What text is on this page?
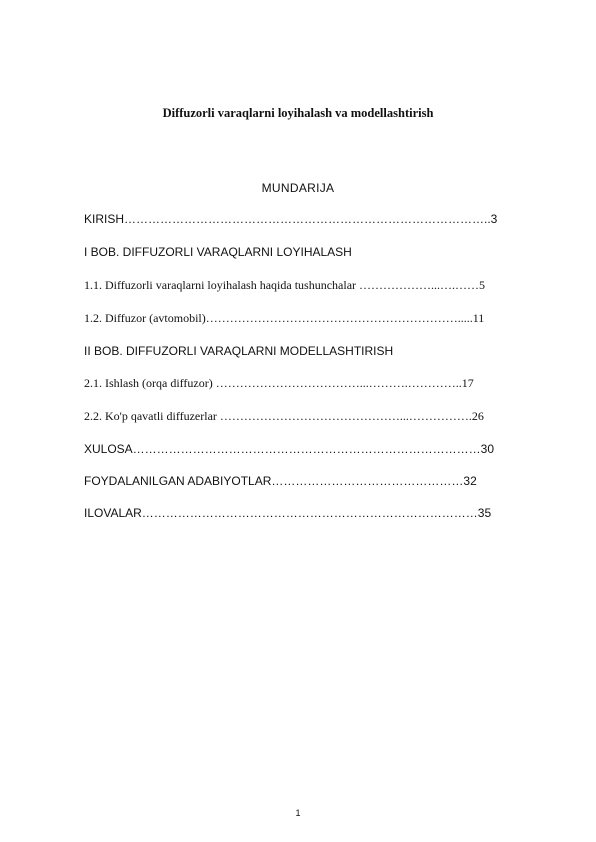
Diffuzorli varaqlarni loyihalash va modellashtirish
MUNDARIJA
KIRISH………………………………………………………………………………..3
I BOB. DIFFUZORLI VARAQLARNI LOYIHALASH
1.1. Diffuzorli varaqlarni loyihalash haqida tushunchalar ………………...….……5
1.2. Diffuzor (avtomobil)……………………………………………………….....11
II BOB. DIFFUZORLI VARAQLARNI MODELLASHTIRISH
2.1. Ishlash (orqa diffuzor) ………………………………...……….…………..17
2.2. Ko'p qavatli diffuzerlar ………………………………………...…………….26
XULOSA……………………………………………………………………………30
FOYDALANILGAN ADABIYOTLAR…………………………………………32
ILOVALAR…………………………………………………………………………35
1
